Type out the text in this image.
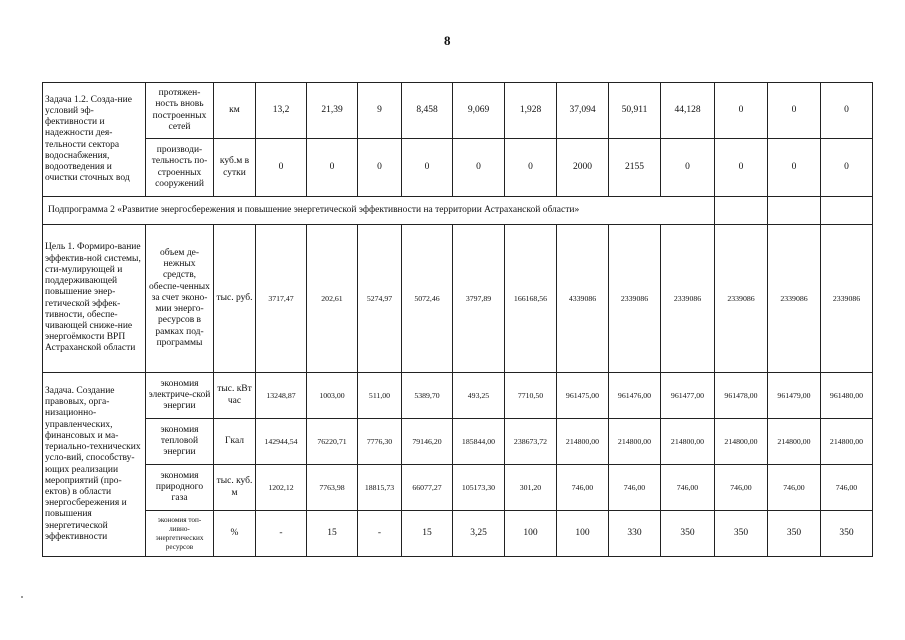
8
Задача 1.2. Созда-ние условий эф-фективности и надежности дея-тельности сектора водоснабжения, водоотведения и очистки сточных вод	протяжен-ность вновь построенных сетей	км	13,2	21,39	9	8,458	9,069	1,928	37,094	50,911	44,128	0	0	0
	производи-тельность по-строенных сооружений	куб.м в сутки	0	0	0	0	0	0	2000	2155	0	0	0	0
Подпрограмма 2 «Развитие энергосбережения и повышение энергетической эффективности на территории Астраханской области»														
Цель 1. Формиро-вание эффектив-ной системы, сти-мулирующей и поддерживающей повышение энер-гетической эффек-тивности, обеспе-чивающей сниже-ние энергоёмкости ВРП Астраханской области	объем де-нежных средств, обеспе-ченных за счет эконо-мии энерго-ресурсов в рамках под-программы	тыс. руб.	3717,47	202,61	5274,97	5072,46	3797,89	166168,56	4339086	2339086	2339086	2339086	2339086	2339086
Задача. Создание правовых, орга-низационно-управленческих, финансовых и ма-териально-технических усло-вий, способству-ющих реализации мероприятий (про-ектов) в области энергосбережения и повышения энергетической эффективности	экономия электриче-ской энергии	тыс. кВт час	13248,87	1003,00	511,00	5389,70	493,25	7710,50	961475,00	961476,00	961477,00	961478,00	961479,00	961480,00
	экономия тепловой энергии	Гкал	142944,54	76220,71	7776,30	79146,20	185844,00	238673,72	214800,00	214800,00	214800,00	214800,00	214800,00	214800,00
	экономия природного газа	тыс. куб. м	1202,12	7763,98	18815,73	66077,27	105173,30	301,20	746,00	746,00	746,00	746,00	746,00	746,00
	экономия топ-ливно-энергетических ресурсов	%	-	15	-	15	3,25	100	100	330	350	350	350	350
